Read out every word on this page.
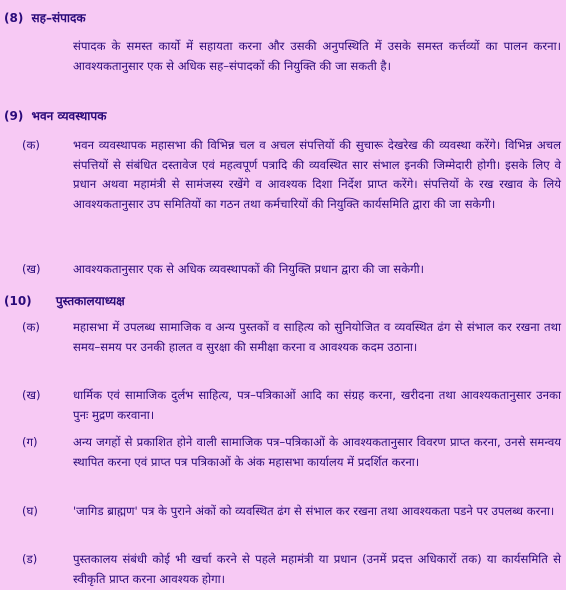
(8) सह–संपादक
संपादक के समस्त कार्यो में सहायता करना और उसकी अनुपस्थिति में उसके समस्त कर्त्तव्यों का पालन करना। आवश्यकतानुसार एक से अधिक सह–संपादकों की नियुक्ति की जा सकती है।
(9) भवन व्यवस्थापक
(क)	भवन व्यवस्थापक महासभा की विभिन्न चल व अचल संपत्तियों की सुचारू देखरेख की व्यवस्था करेंगे। विभिन्न अचल संपत्तियों से संबंधित दस्तावेज एवं महत्वपूर्ण पत्रादि की व्यवस्थित सार संभाल इनकी जिम्मेदारी होगी। इसके लिए वे प्रधान अथवा महामंत्री से सामंजस्य रखेंगे व आवश्यक दिशा निर्देश प्राप्त करेंगे। संपत्तियों के रख रखाव के लिये आवश्यकतानुसार उप समितियों का गठन तथा कर्मचारियों की नियुक्ति कार्यसमिति द्वारा की जा सकेगी।
(ख)	आवश्यकतानुसार एक से अधिक व्यवस्थापकों की नियुक्ति प्रधान द्वारा की जा सकेगी।
(10) पुस्तकालयाध्यक्ष
(क)	महासभा में उपलब्ध सामाजिक व अन्य पुस्तकों व साहित्य को सुनियोजित व व्यवस्थित ढंग से संभाल कर रखना तथा समय–समय पर उनकी हालत व सुरक्षा की समीक्षा करना व आवश्यक कदम उठाना।
(ख)	धार्मिक एवं सामाजिक दुर्लभ साहित्य, पत्र–पत्रिकाओं आदि का संग्रह करना, खरीदना तथा आवश्यकतानुसार उनका पुनः मुद्रण करवाना।
(ग)	अन्य जगहों से प्रकाशित होने वाली सामाजिक पत्र–पत्रिकाओं के आवश्यकतानुसार विवरण प्राप्त करना, उनसे समन्वय स्थापित करना एवं प्राप्त पत्र पत्रिकाओं के अंक महासभा कार्यालय में प्रदर्शित करना।
(घ)	'जागिड ब्राह्मण' पत्र के पुराने अंकों को व्यवस्थित ढंग से संभाल कर रखना तथा आवश्यकता पडने पर उपलब्ध करना।
(ड)	पुस्तकालय संबंधी कोई भी खर्चा करने से पहले महामंत्री या प्रधान (उनमें प्रदत्त अधिकारों तक) या कार्यसमिति से स्वीकृति प्राप्त करना आवश्यक होगा।
